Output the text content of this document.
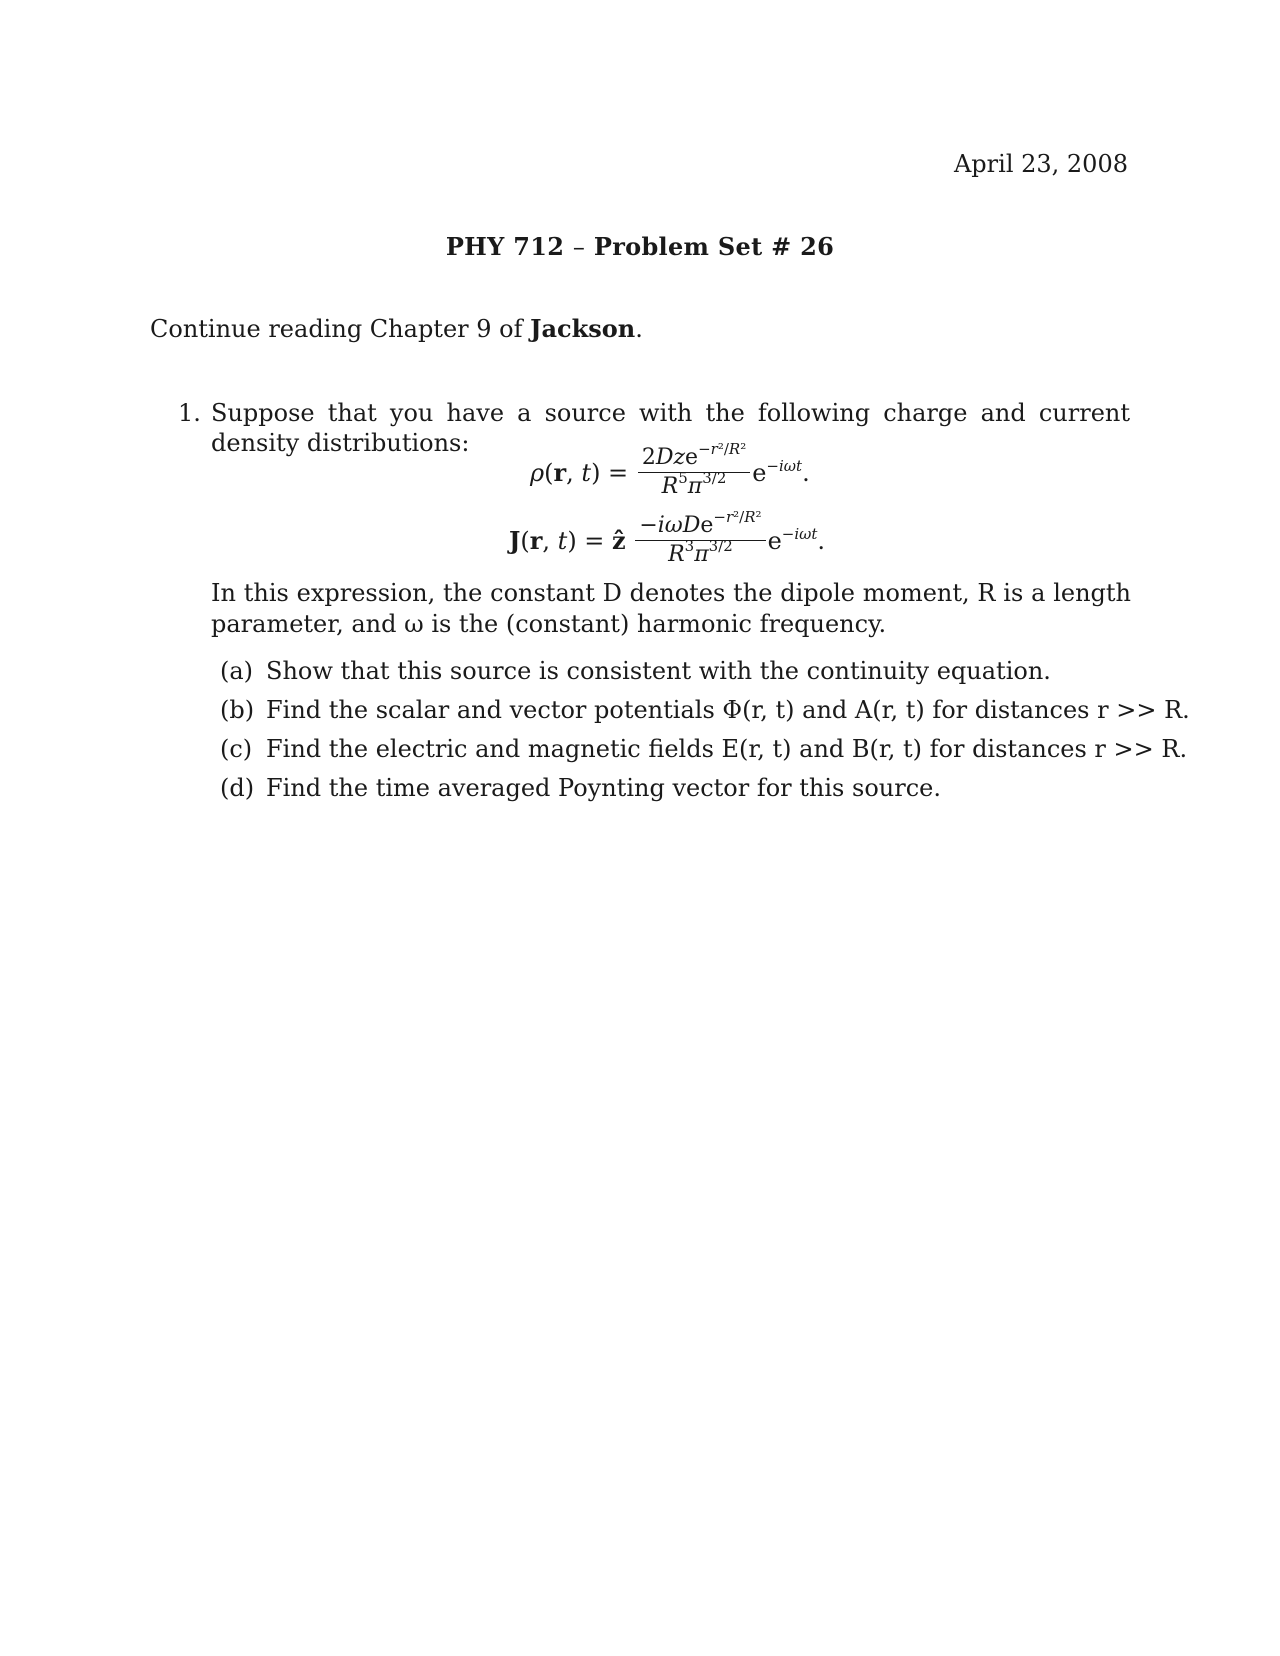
April 23, 2008
PHY 712 – Problem Set # 26
Continue reading Chapter 9 of Jackson.
1. Suppose that you have a source with the following charge and current density distributions:
ρ(r, $t) = \frac{2Dze^{-r^2/R^2}}{R^5\pi^{3/2}} e^{-i\omega t}$.
J(r, t) = ẑ $\frac{-i\omega De^{-r^2/R^2}}{R^3\pi^{3/2}} e^{-i\omega t}$.
In this expression, the constant D denotes the dipole moment, R is a length parameter, and ω is the (constant) harmonic frequency.
(a) Show that this source is consistent with the continuity equation.
(b) Find the scalar and vector potentials Φ(r, t) and A(r, t) for distances r >> R.
(c) Find the electric and magnetic fields E(r, t) and B(r, t) for distances r >> R.
(d) Find the time averaged Poynting vector for this source.
